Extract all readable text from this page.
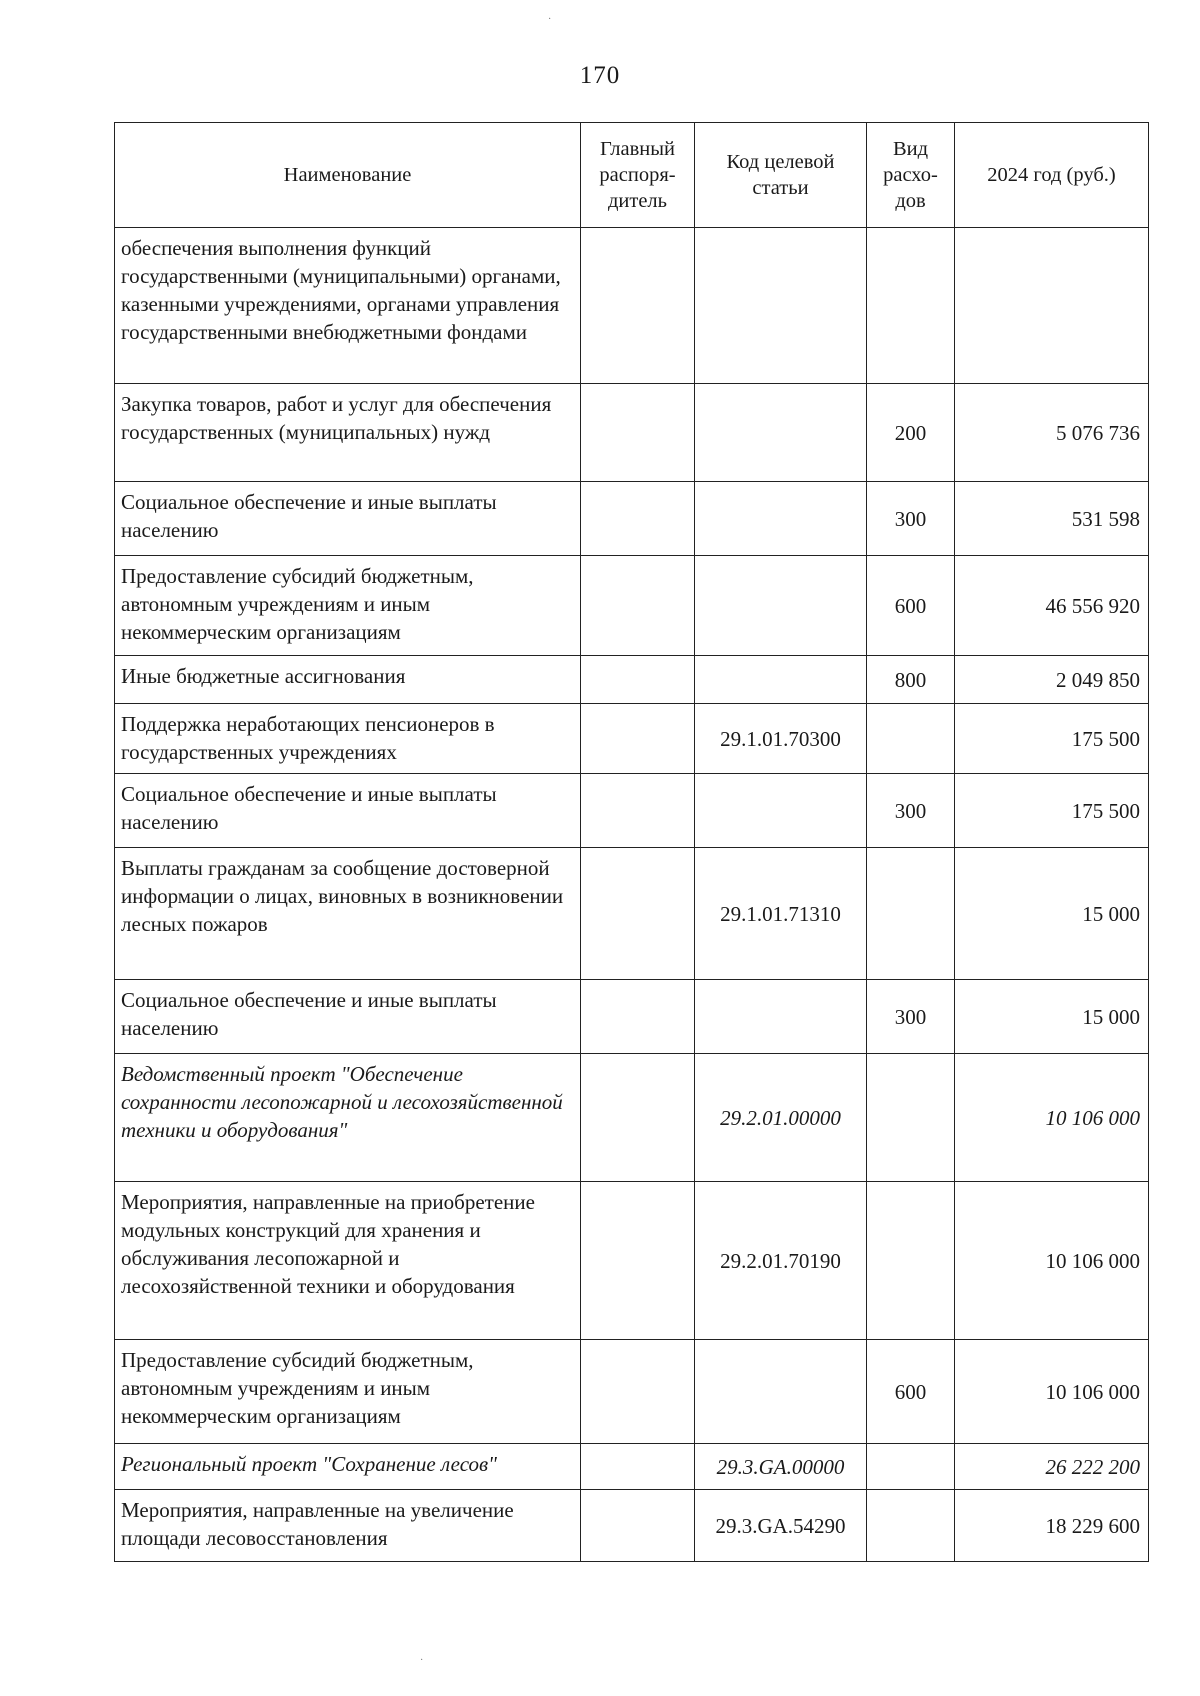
170
Наименование	Главный распоря-дитель	Код целевой статьи	Вид расхо-дов	2024 год (руб.)
обеспечения выполнения функций государственными (муниципальными) органами, казенными учреждениями, органами управления государственными внебюджетными фондами				
Закупка товаров, работ и услуг для обеспечения государственных (муниципальных) нужд			200	5 076 736
Социальное обеспечение и иные выплаты населению			300	531 598
Предоставление субсидий бюджетным, автономным учреждениям и иным некоммерческим организациям			600	46 556 920
Иные бюджетные ассигнования			800	2 049 850
Поддержка неработающих пенсионеров в государственных учреждениях		29.1.01.70300		175 500
Социальное обеспечение и иные выплаты населению			300	175 500
Выплаты гражданам за сообщение достоверной информации о лицах, виновных в возникновении лесных пожаров		29.1.01.71310		15 000
Социальное обеспечение и иные выплаты населению			300	15 000
Ведомственный проект "Обеспечение сохранности лесопожарной и лесохозяйственной техники и оборудования"		29.2.01.00000		10 106 000
Мероприятия, направленные на приобретение модульных конструкций для хранения и обслуживания лесопожарной и лесохозяйственной техники и оборудования		29.2.01.70190		10 106 000
Предоставление субсидий бюджетным, автономным учреждениям и иным некоммерческим организациям			600	10 106 000
Региональный проект "Сохранение лесов"		29.3.GA.00000		26 222 200
Мероприятия, направленные на увеличение площади лесовосстановления		29.3.GA.54290		18 229 600
·
·
